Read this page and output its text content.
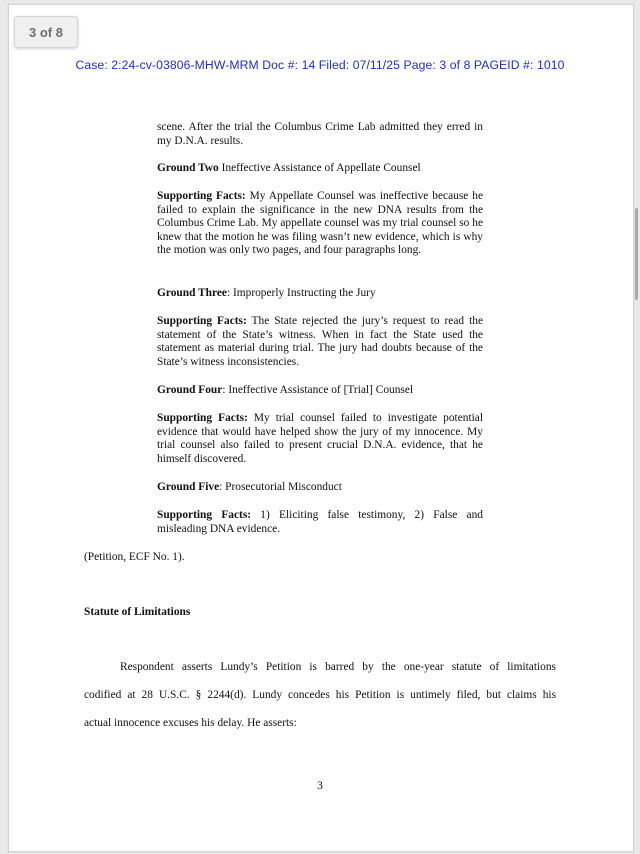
3 of 8
Case: 2:24-cv-03806-MHW-MRM Doc #: 14 Filed: 07/11/25 Page: 3 of 8 PAGEID #: 1010
scene. After the trial the Columbus Crime Lab admitted they erred in my D.N.A. results.
Ground Two Ineffective Assistance of Appellate Counsel
Supporting Facts: My Appellate Counsel was ineffective because he failed to explain the significance in the new DNA results from the Columbus Crime Lab. My appellate counsel was my trial counsel so he knew that the motion he was filing wasn’t new evidence, which is why the motion was only two pages, and four paragraphs long.
Ground Three: Improperly Instructing the Jury
Supporting Facts: The State rejected the jury’s request to read the statement of the State’s witness. When in fact the State used the statement as material during trial. The jury had doubts because of the State’s witness inconsistencies.
Ground Four: Ineffective Assistance of [Trial] Counsel
Supporting Facts: My trial counsel failed to investigate potential evidence that would have helped show the jury of my innocence. My trial counsel also failed to present crucial D.N.A. evidence, that he himself discovered.
Ground Five: Prosecutorial Misconduct
Supporting Facts: 1) Eliciting false testimony, 2) False and misleading DNA evidence.
(Petition, ECF No. 1).
Statute of Limitations
Respondent asserts Lundy’s Petition is barred by the one-year statute of limitations
codified at 28 U.S.C. § 2244(d). Lundy concedes his Petition is untimely filed, but claims his
actual innocence excuses his delay. He asserts:
3
